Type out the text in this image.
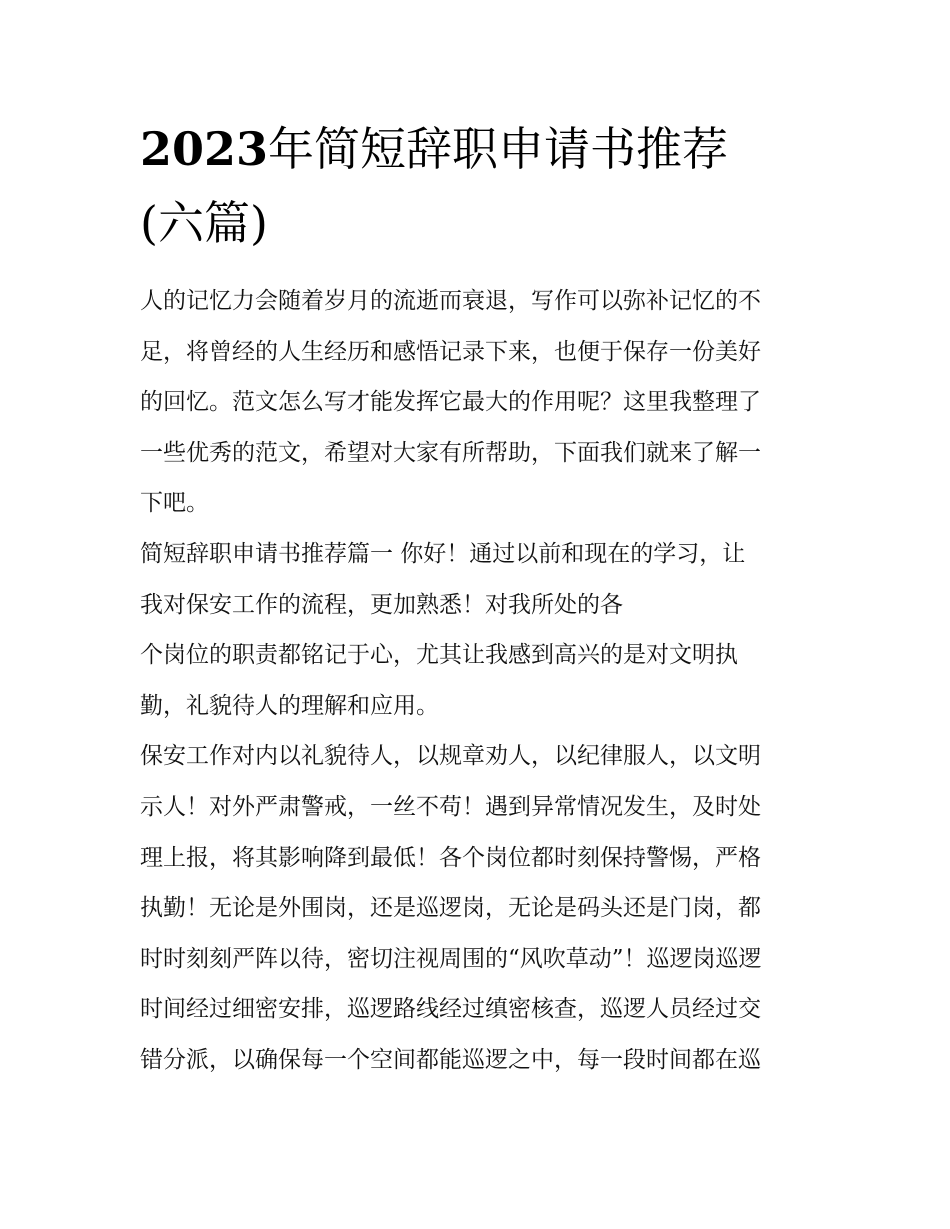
2023年简短辞职申请书推荐
(六篇)

人的记忆力会随着岁月的流逝而衰退，写作可以弥补记忆的不
足，将曾经的人生经历和感悟记录下来，也便于保存一份美好
的回忆。范文怎么写才能发挥它最大的作用呢？这里我整理了
一些优秀的范文，希望对大家有所帮助，下面我们就来了解一
下吧。

简短辞职申请书推荐篇一 你好！通过以前和现在的学习，让
我对保安工作的流程，更加熟悉！对我所处的各
个岗位的职责都铭记于心，尤其让我感到高兴的是对文明执
勤，礼貌待人的理解和应用。

保安工作对内以礼貌待人，以规章劝人，以纪律服人，以文明
示人！对外严肃警戒，一丝不苟！遇到异常情况发生，及时处
理上报，将其影响降到最低！各个岗位都时刻保持警惕，严格
执勤！无论是外围岗，还是巡逻岗，无论是码头还是门岗，都
时时刻刻严阵以待，密切注视周围的“风吹草动”！巡逻岗巡逻
时间经过细密安排，巡逻路线经过缜密核查，巡逻人员经过交
错分派，以确保每一个空间都能巡逻之中，每一段时间都在巡
